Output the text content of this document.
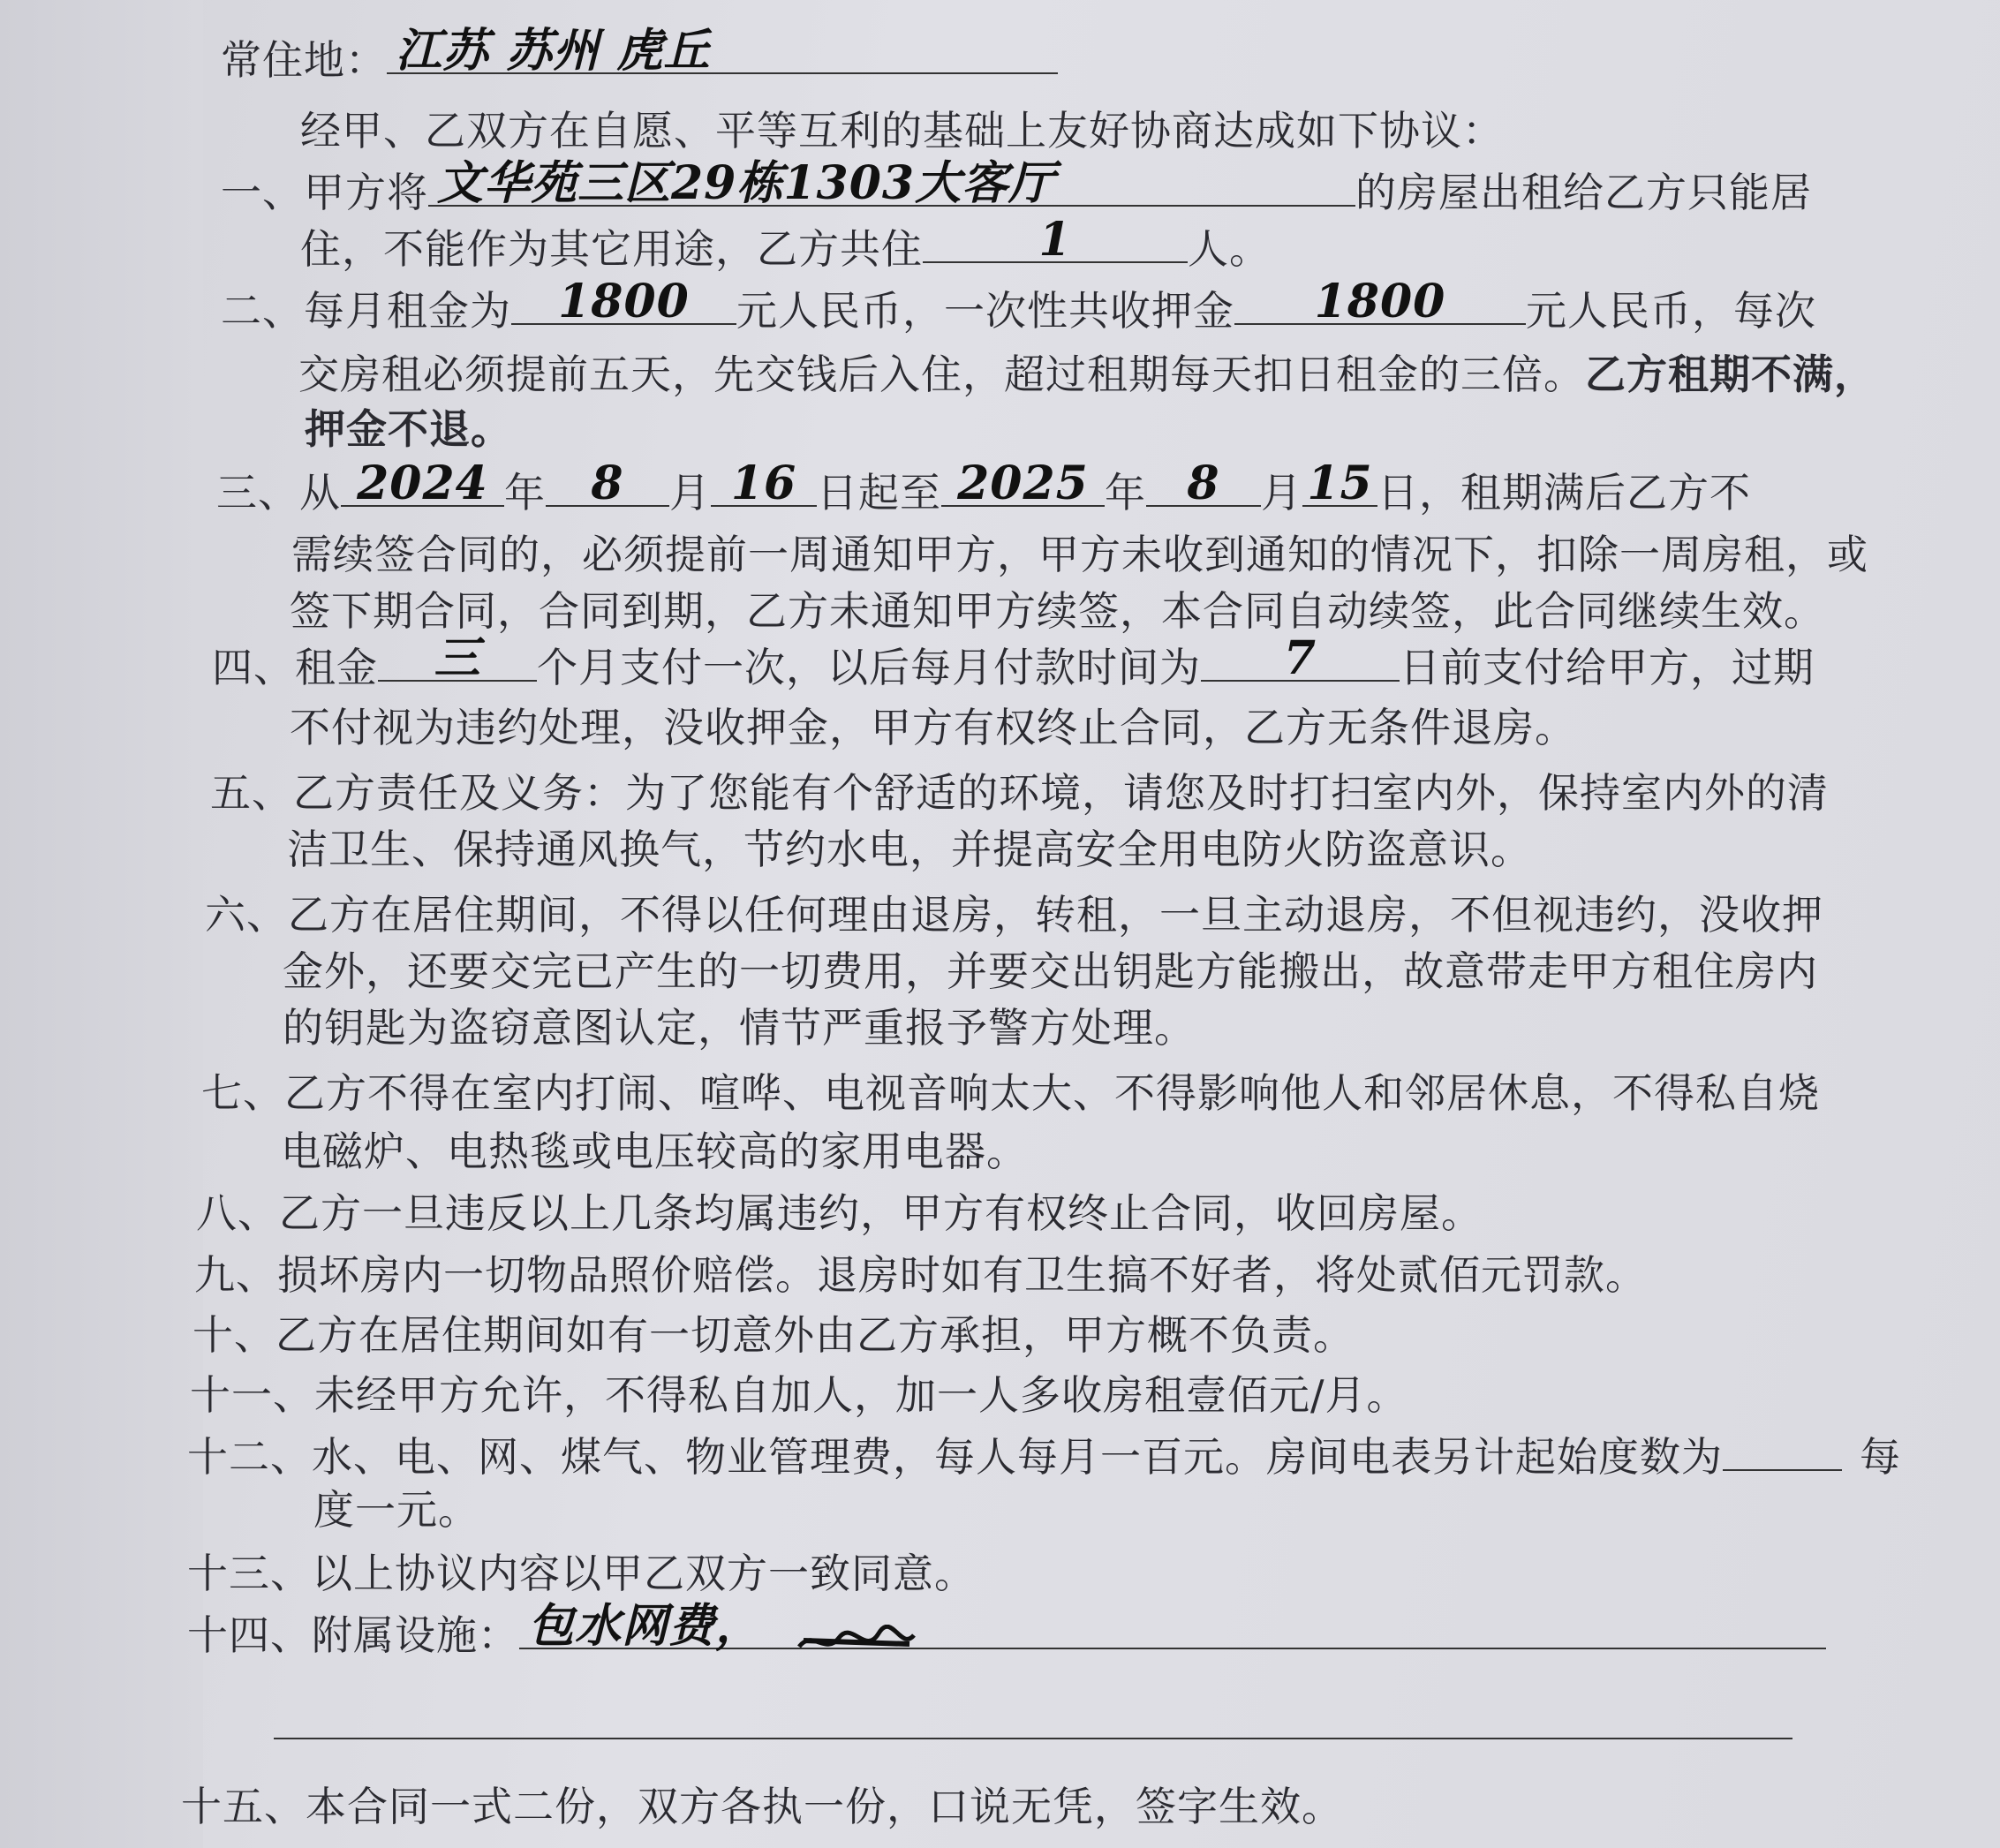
常住地： 江苏 苏州 虎丘
经甲、乙双方在自愿、平等互利的基础上友好协商达成如下协议：
一、甲方将 文华苑三区29栋1303大客厅	的房屋出租给乙方只能居
住，不能作为其它用途，乙方共住	1	人。
二、每月租金为	1800	元人民币，一次性共收押金	1800	元人民币，每次
交房租必须提前五天，先交钱后入住，超过租期每天扣日租金的三倍。乙方租期不满，
押金不退。
三、从 2024 年 8	月 16 日起至 2025 年 8	月 15 日，租期满后乙方不
需续签合同的，必须提前一周通知甲方，甲方未收到通知的情况下，扣除一周房租，或
签下期合同，合同到期，乙方未通知甲方续签，本合同自动续签，此合同继续生效。
四、租金	三	个月支付一次，以后每月付款时间为	7	日前支付给甲方，过期
不付视为违约处理，没收押金，甲方有权终止合同，乙方无条件退房。
五、乙方责任及义务：为了您能有个舒适的环境，请您及时打扫室内外，保持室内外的清
洁卫生、保持通风换气，节约水电，并提高安全用电防火防盗意识。
六、乙方在居住期间，不得以任何理由退房，转租，一旦主动退房，不但视违约，没收押
金外，还要交完已产生的一切费用，并要交出钥匙方能搬出，故意带走甲方租住房内
的钥匙为盗窃意图认定，情节严重报予警方处理。
七、乙方不得在室内打闹、喧哗、电视音响太大、不得影响他人和邻居休息，不得私自烧
电磁炉、电热毯或电压较高的家用电器。
八、乙方一旦违反以上几条均属违约，甲方有权终止合同，收回房屋。
九、损坏房内一切物品照价赔偿。退房时如有卫生搞不好者，将处贰佰元罚款。
十、乙方在居住期间如有一切意外由乙方承担，甲方概不负责。
十一、未经甲方允许，不得私自加人，加一人多收房租壹佰元/月。
十二、水、电、网、煤气、物业管理费，每人每月一百元。房间电表另计起始度数为	每
度一元。
十三、以上协议内容以甲乙双方一致同意。
十四、附属设施： 包水网费，
十五、本合同一式二份，双方各执一份，口说无凭，签字生效。
